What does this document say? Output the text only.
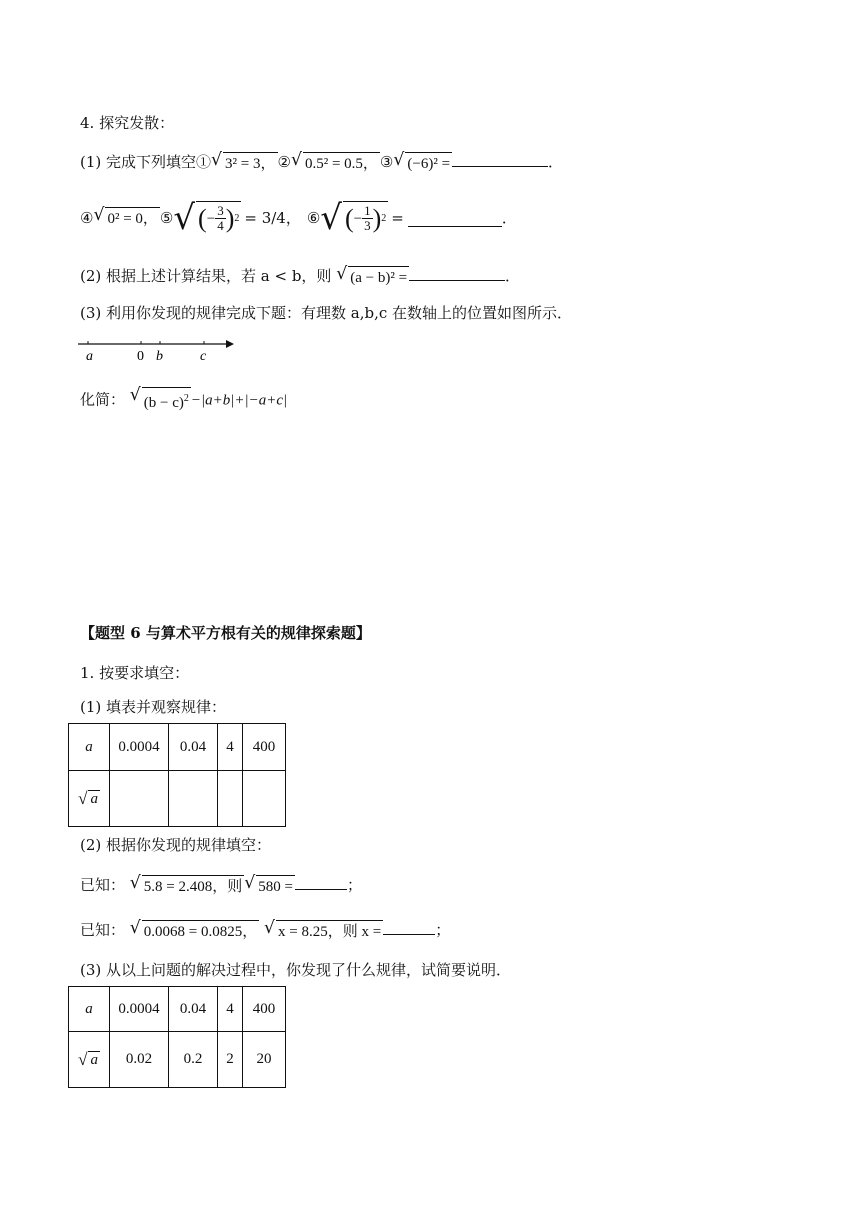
4. 探究发散：
(1) 完成下列填空① √ 3² = 3， ② √ 0.5² = 0.5， ③ √ (−6)² =	．
④ √ 0² = 0， ⑤ √ ( − $\frac{3}{4}$ ) 2 = 3/4， ⑥ √ ( − $\frac{1}{3}$ ) 2 =	．
(2) 根据上述计算结果，若 a < b，则 √ (a − b)² =	．
(3) 利用你发现的规律完成下题：有理数 a,b,c 在数轴上的位置如图所示．
a	0 b	c
化简： √ $(b - c)^2 -|a+b|+|-a+c|$
【题型 6 与算术平方根有关的规律探索题】
1. 按要求填空：
(1) 填表并观察规律：
a	0.0004	0.04	4	400

√ a				

(2) 根据你发现的规律填空：
已知： √ 5.8 = 2.408，则 √ 580 =	；
已知： √ 0.0068 = 0.0825，
√ x = 8.25，则 x =	；
(3) 从以上问题的解决过程中，你发现了什么规律，试简要说明．
a	0.0004	0.04	4	400

√ a	0.02	0.2	2	20
